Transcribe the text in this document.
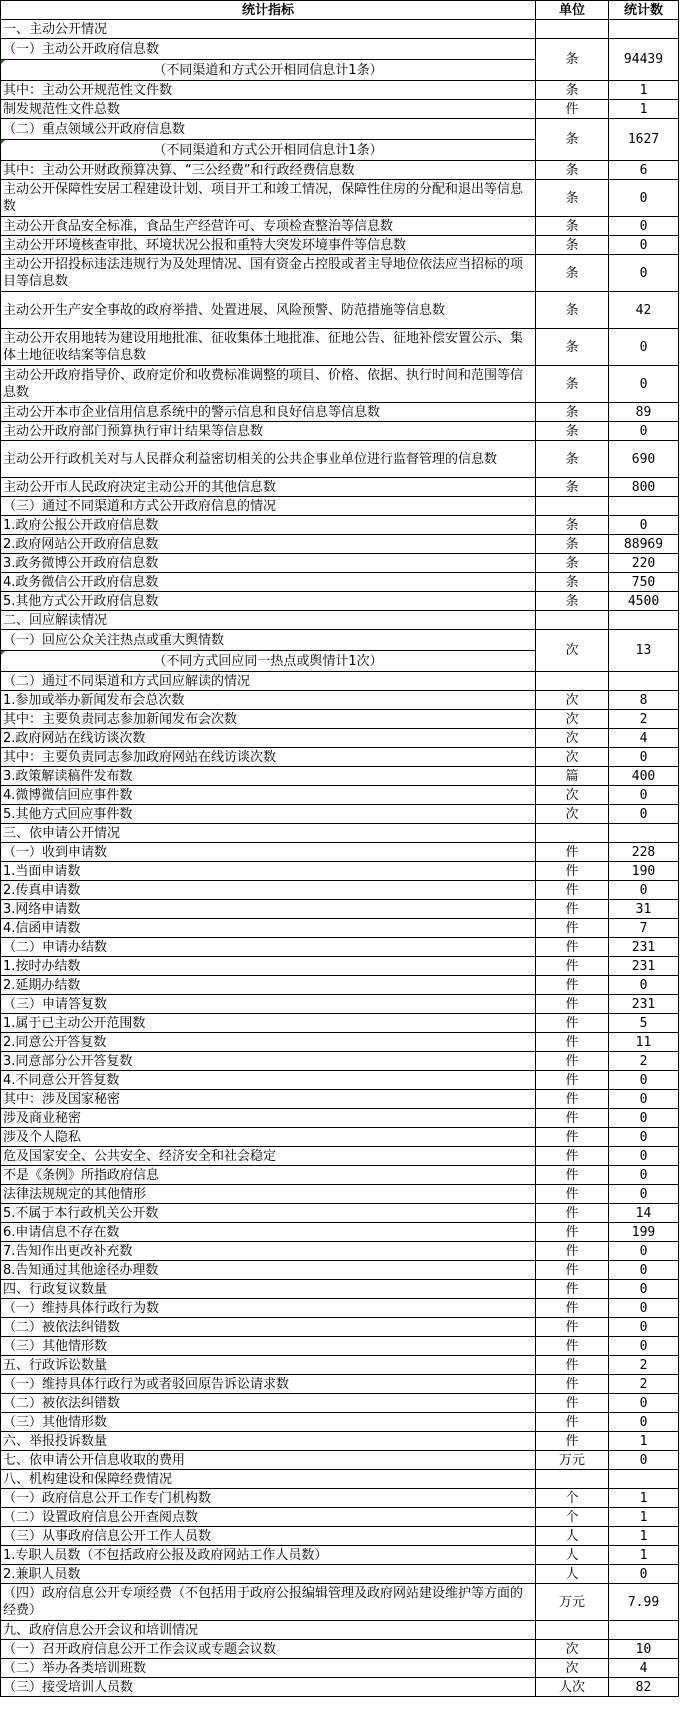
统计指标	单位	统计数
一、主动公开情况		
（一）主动公开政府信息数	条	94439
（不同渠道和方式公开相同信息计1条）		
其中：主动公开规范性文件数	条	1
制发规范性文件总数	件	1
（二）重点领域公开政府信息数	条	1627
（不同渠道和方式公开相同信息计1条）		
其中：主动公开财政预算决算、“三公经费”和行政经费信息数	条	6
主动公开保障性安居工程建设计划、项目开工和竣工情况，保障性住房的分配和退出等信息数	条	0
主动公开食品安全标准，食品生产经营许可、专项检查整治等信息数	条	0
主动公开环境核查审批、环境状况公报和重特大突发环境事件等信息数	条	0
主动公开招投标违法违规行为及处理情况、国有资金占控股或者主导地位依法应当招标的项目等信息数	条	0
主动公开生产安全事故的政府举措、处置进展、风险预警、防范措施等信息数	条	42
主动公开农用地转为建设用地批准、征收集体土地批准、征地公告、征地补偿安置公示、集体土地征收结案等信息数	条	0
主动公开政府指导价、政府定价和收费标准调整的项目、价格、依据、执行时间和范围等信息数	条	0
主动公开本市企业信用信息系统中的警示信息和良好信息等信息数	条	89
主动公开政府部门预算执行审计结果等信息数	条	0
主动公开行政机关对与人民群众利益密切相关的公共企事业单位进行监督管理的信息数	条	690
主动公开市人民政府决定主动公开的其他信息数	条	800
（三）通过不同渠道和方式公开政府信息的情况		
1.政府公报公开政府信息数	条	0
2.政府网站公开政府信息数	条	88969
3.政务微博公开政府信息数	条	220
4.政务微信公开政府信息数	条	750
5.其他方式公开政府信息数	条	4500
二、回应解读情况		
（一）回应公众关注热点或重大舆情数	次	13
（不同方式回应同一热点或舆情计1次）		
（二）通过不同渠道和方式回应解读的情况		
1.参加或举办新闻发布会总次数	次	8
其中：主要负责同志参加新闻发布会次数	次	2
2.政府网站在线访谈次数	次	4
其中：主要负责同志参加政府网站在线访谈次数	次	0
3.政策解读稿件发布数	篇	400
4.微博微信回应事件数	次	0
5.其他方式回应事件数	次	0
三、依申请公开情况		
（一）收到申请数	件	228
1.当面申请数	件	190
2.传真申请数	件	0
3.网络申请数	件	31
4.信函申请数	件	7
（二）申请办结数	件	231
1.按时办结数	件	231
2.延期办结数	件	0
（三）申请答复数	件	231
1.属于已主动公开范围数	件	5
2.同意公开答复数	件	11
3.同意部分公开答复数	件	2
4.不同意公开答复数	件	0
其中：涉及国家秘密	件	0
涉及商业秘密	件	0
涉及个人隐私	件	0
危及国家安全、公共安全、经济安全和社会稳定	件	0
不是《条例》所指政府信息	件	0
法律法规规定的其他情形	件	0
5.不属于本行政机关公开数	件	14
6.申请信息不存在数	件	199
7.告知作出更改补充数	件	0
8.告知通过其他途径办理数	件	0
四、行政复议数量	件	0
（一）维持具体行政行为数	件	0
（二）被依法纠错数	件	0
（三）其他情形数	件	0
五、行政诉讼数量	件	2
（一）维持具体行政行为或者驳回原告诉讼请求数	件	2
（二）被依法纠错数	件	0
（三）其他情形数	件	0
六、举报投诉数量	件	1
七、依申请公开信息收取的费用	万元	0
八、机构建设和保障经费情况		
（一）政府信息公开工作专门机构数	个	1
（二）设置政府信息公开查阅点数	个	1
（三）从事政府信息公开工作人员数	人	1
1.专职人员数（不包括政府公报及政府网站工作人员数）	人	1
2.兼职人员数	人	0
（四）政府信息公开专项经费（不包括用于政府公报编辑管理及政府网站建设维护等方面的经费）	万元	7.99
九、政府信息公开会议和培训情况		
（一）召开政府信息公开工作会议或专题会议数	次	10
（二）举办各类培训班数	次	4
（三）接受培训人员数	人次	82
